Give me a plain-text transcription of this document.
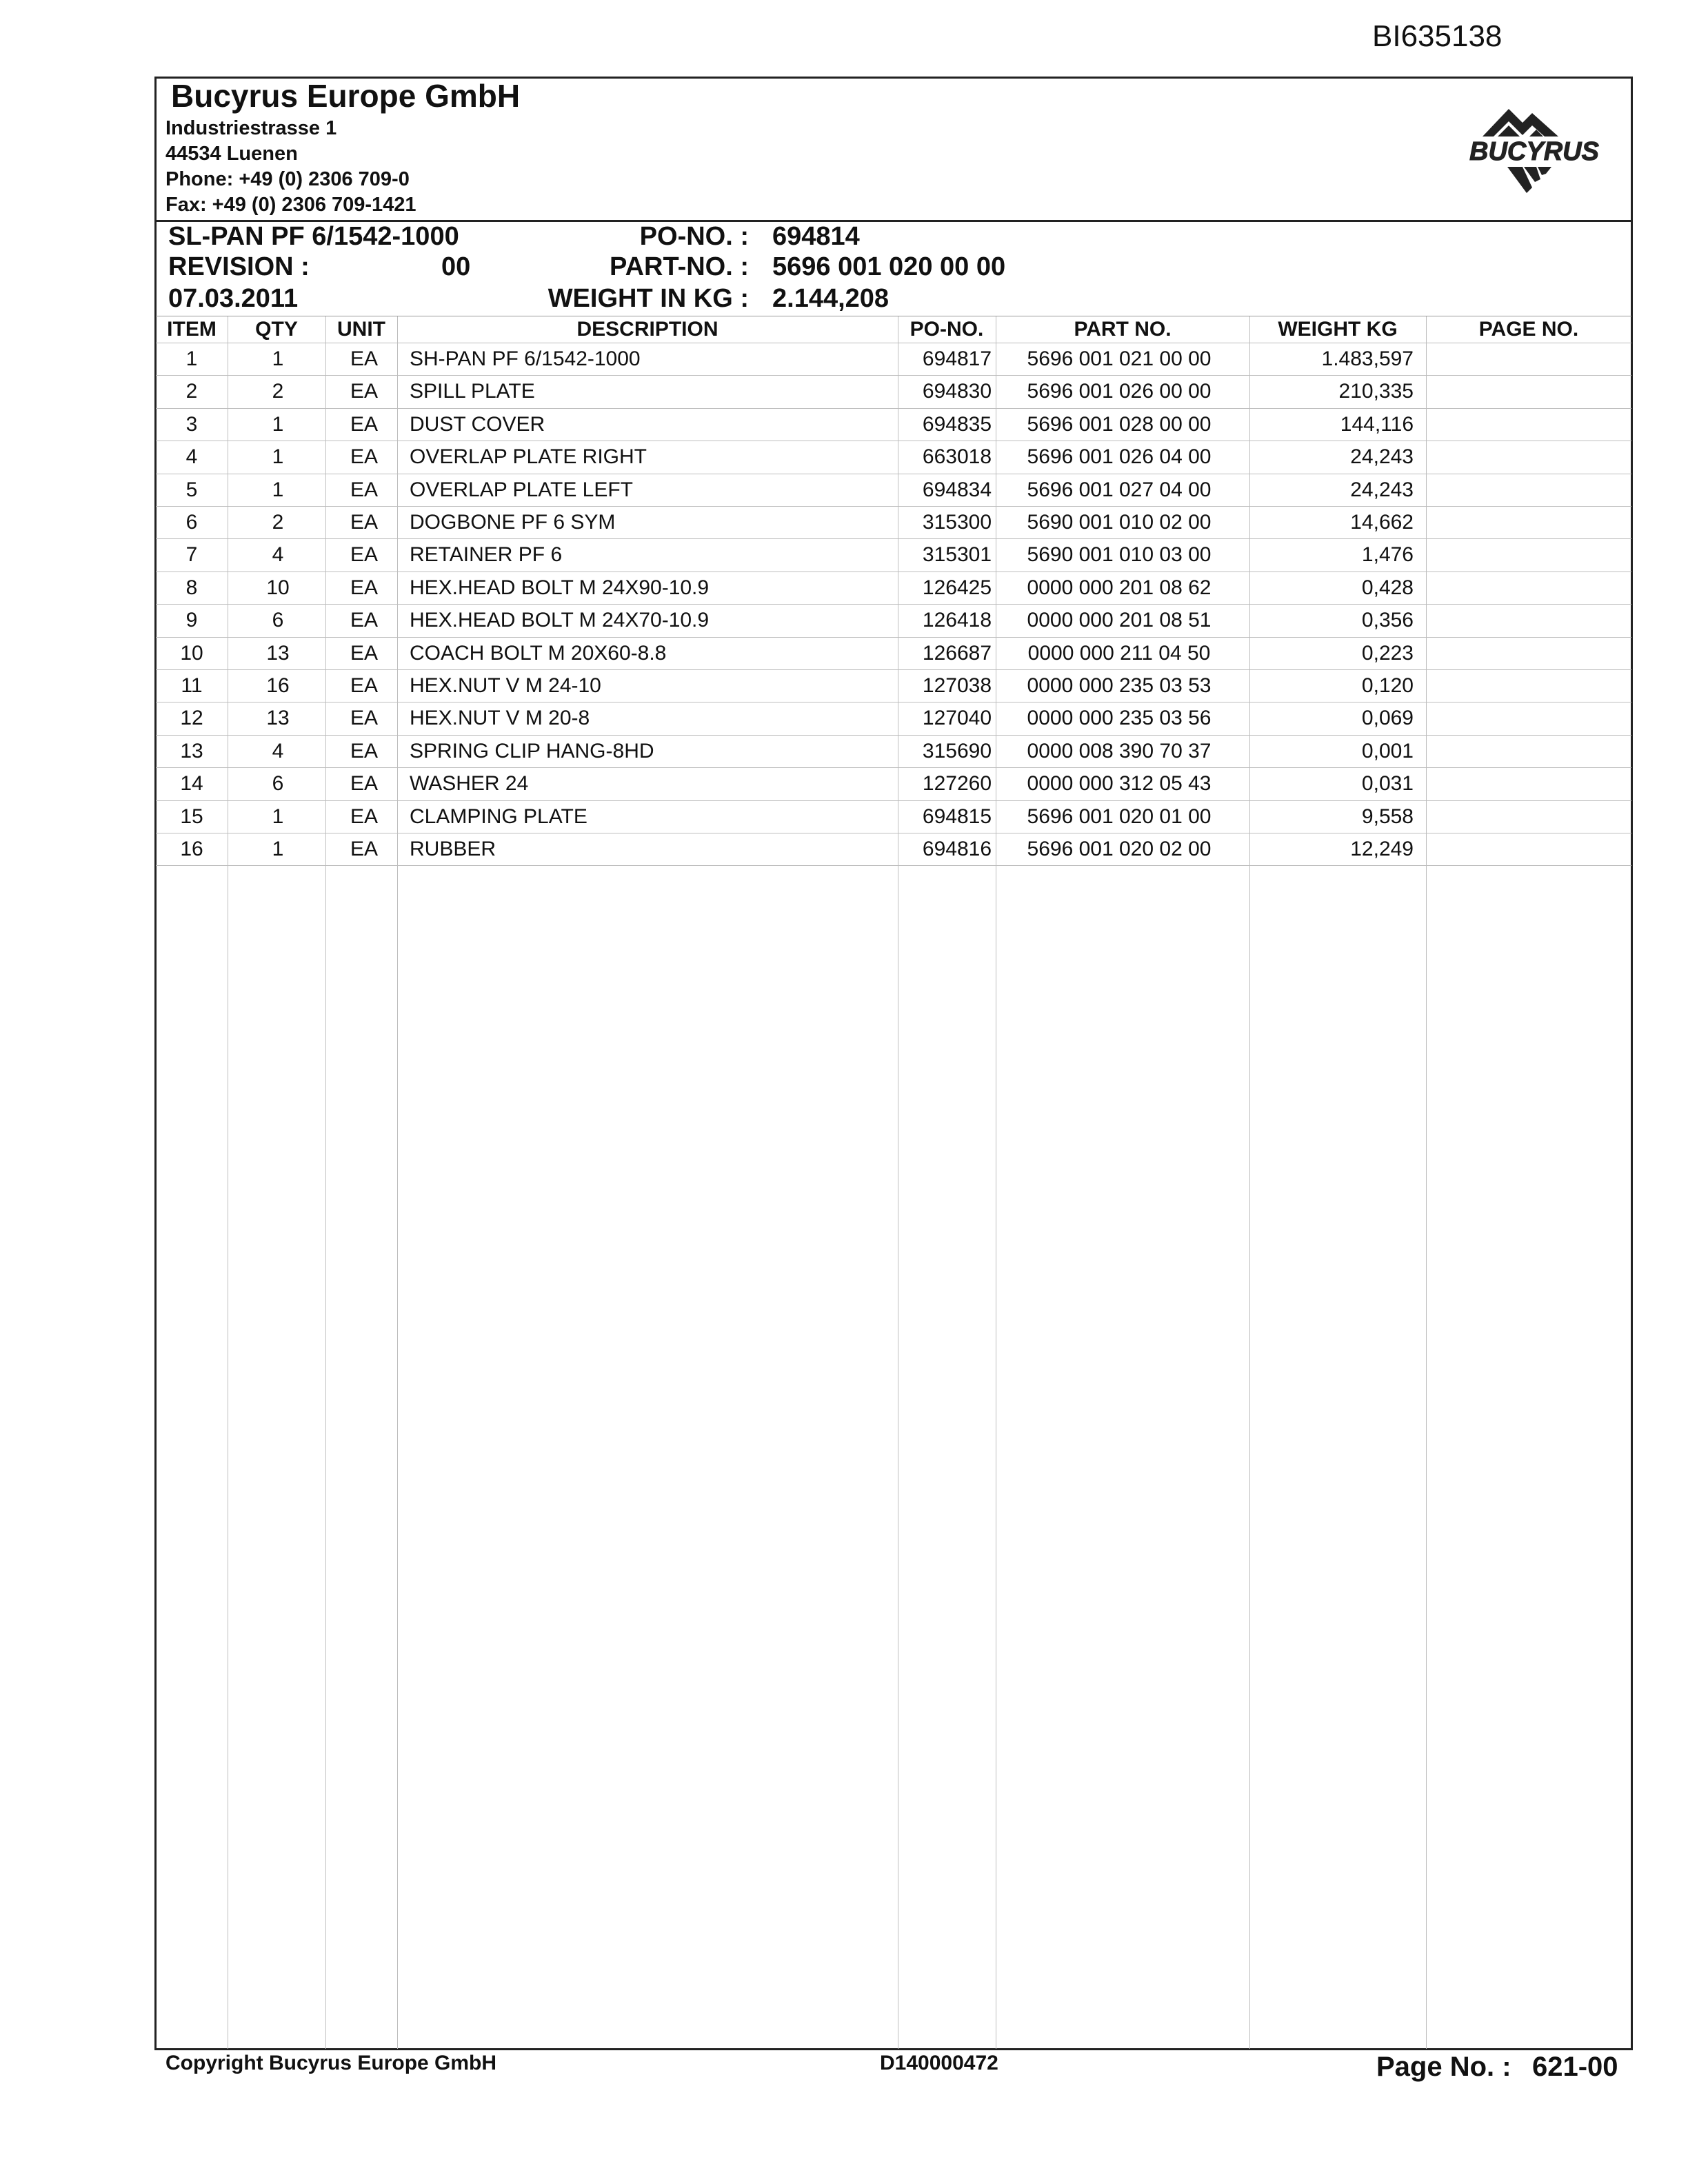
BI635138
Bucyrus Europe GmbH
Industriestrasse 1
44534 Luenen
Phone: +49 (0) 2306 709-0
Fax: +49 (0) 2306 709-1421
BUCYRUS
SL-PAN PF 6/1542-1000	PO-NO. : 694814
REVISION :	00	PART-NO. : 5696 001 020 00 00
07.03.2011	WEIGHT IN KG : 2.144,208
ITEM	QTY	UNIT	DESCRIPTION	PO-NO.	PART NO.	WEIGHT KG	PAGE NO.
1	1	EA	SH-PAN PF 6/1542-1000	694817	5696 001 021 00 00	1.483,597
2	2	EA	SPILL PLATE	694830	5696 001 026 00 00	210,335
3	1	EA	DUST COVER	694835	5696 001 028 00 00	144,116
4	1	EA	OVERLAP PLATE RIGHT	663018	5696 001 026 04 00	24,243
5	1	EA	OVERLAP PLATE LEFT	694834	5696 001 027 04 00	24,243
6	2	EA	DOGBONE PF 6 SYM	315300	5690 001 010 02 00	14,662
7	4	EA	RETAINER PF 6	315301	5690 001 010 03 00	1,476
8	10	EA	HEX.HEAD BOLT M 24X90-10.9	126425	0000 000 201 08 62	0,428
9	6	EA	HEX.HEAD BOLT M 24X70-10.9	126418	0000 000 201 08 51	0,356
10	13	EA	COACH BOLT M 20X60-8.8	126687	0000 000 211 04 50	0,223
11	16	EA	HEX.NUT V M 24-10	127038	0000 000 235 03 53	0,120
12	13	EA	HEX.NUT V M 20-8	127040	0000 000 235 03 56	0,069
13	4	EA	SPRING CLIP HANG-8HD	315690	0000 008 390 70 37	0,001
14	6	EA	WASHER 24	127260	0000 000 312 05 43	0,031
15	1	EA	CLAMPING PLATE	694815	5696 001 020 01 00	9,558
16	1	EA	RUBBER	694816	5696 001 020 02 00	12,249
Copyright Bucyrus Europe GmbH	D140000472	Page No. : 621-00
